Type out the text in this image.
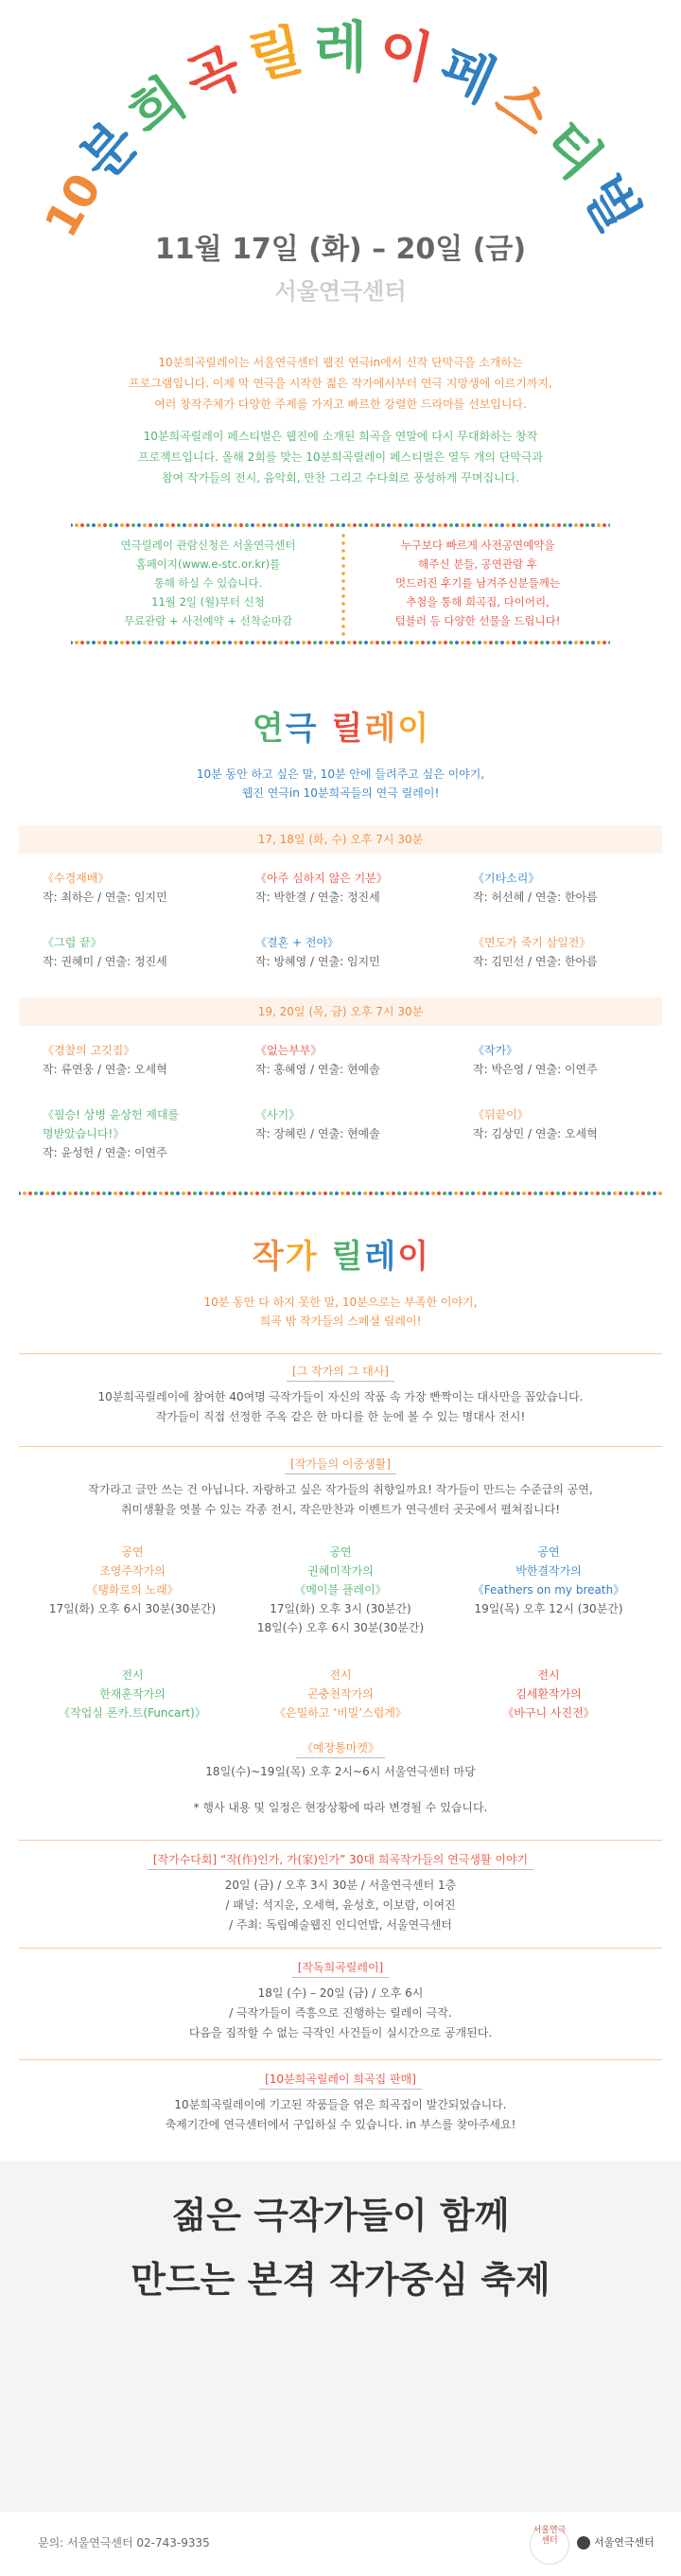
10
분
희
곡
릴 레 이
페
스
티
벌
11월 17일 (화) – 20일 (금)
서울연극센터
10분희곡릴레이는 서울연극센터 웹진 연극in에서 신작 단막극을 소개하는
프로그램입니다. 이제 막 연극을 시작한 젊은 작가에서부터 연극 지망생에 이르기까지,
여러 창작주체가 다양한 주제를 가지고 빠르한 강렬한 드라마를 선보입니다.
10분희곡릴레이 페스티벌은 웹진에 소개된 희곡을 연말에 다시 무대화하는 창작
프로젝트입니다. 올해 2회를 맞는 10분희곡릴레이 페스티벌은 열두 개의 단막극과
참여 작가들의 전시, 음악회, 만찬 그리고 수다회로 풍성하게 꾸며집니다.
연극릴레이 관람신청은 서울연극센터
홈페이지(www.e-stc.or.kr)를
통해 하실 수 있습니다.
11월 2일 (월)부터 신청
무료관람 + 사전예약 + 선착순마감
누구보다 빠르게 사전공연예약을
해주신 분들, 공연관람 후
멋드러진 후기를 남겨주신분들께는
추첨을 통해 희곡집, 다이어리,
텀블러 등 다양한 선물을 드립니다!
연극 릴레이
10분 동안 하고 싶은 말, 10분 안에 들려주고 싶은 이야기,
웹진 연극in 10분희곡들의 연극 릴레이!
17, 18일 (화, 수) 오후 7시 30분
《수경재배》
작: 최하은 / 연출: 임지민
《아주 심하지 않은 기분》
작: 박한결 / 연출: 정진세
《기타소리》
작: 허선혜 / 연출: 한아름
《그럼 끝》
작: 권혜미 / 연출: 정진세
《결혼 + 전야》
작: 방혜영 / 연출: 임지민
《면도가 죽기 삼일전》
작: 김민선 / 연출: 한아름
19, 20일 (목, 금) 오후 7시 30분
《경찰의 고깃집》
작: 류연웅 / 연출: 오세혁
《없는부부》
작: 홍혜영 / 연출: 현예솔
《작가》
작: 박은영 / 연출: 이연주
《필승! 상병 윤상헌 제대를
명받았습니다!》
작: 윤성헌 / 연출: 이연주
《사기》
작: 장혜린 / 연출: 현예솔
《뒤끝이》
작: 김상민 / 연출: 오세혁
작가 릴레이
10분 동안 다 하지 못한 말, 10분으로는 부족한 이야기,
희곡 밖 작가들의 스페셜 릴레이!
[그 작가의 그 대사]
10분희곡릴레이에 참여한 40여명 극작가들이 자신의 작품 속 가장 빤짝이는 대사만을 꼽았습니다.
작가들이 직접 선정한 주옥 같은 한 마디를 한 눈에 볼 수 있는 명대사 전시!
[작가들의 이중생활]
작가라고 글만 쓰는 건 아닙니다. 자랑하고 싶은 작가들의 취향일까요! 작가들이 만드는 수준급의 공연,
취미생활을 엿볼 수 있는 각종 전시, 작은만찬과 이벤트가 연극센터 곳곳에서 펼쳐집니다!
공연
조영주작가의
《탱화로의 노래》
17일(화) 오후 6시 30분(30분간)
공연
권혜미작가의
《메이블 플레이》
17일(화) 오후 3시 (30분간)
18일(수) 오후 6시 30분(30분간)
공연
박한결작가의
《Feathers on my breath》
19일(목) 오후 12시 (30분간)
전시
한재훈작가의
《작업실 폰카.트(Funcart)》
전시
곤충천작가의
《은밀하고 ‘비밀’스럽게》
전시
김세환작가의
《바구니 사진전》
《예장통마켓》
18일(수)~19일(목) 오후 2시~6시 서울연극센터 마당
* 행사 내용 및 일정은 현장상황에 따라 변경될 수 있습니다.
[작가수다회] “작(作)인가, 가(家)인가” 30대 희곡작가들의 연극생활 이야기
20일 (금) / 오후 3시 30분 / 서울연극센터 1층
/ 패널: 석지운, 오세혁, 윤성호, 이보람, 이여진
/ 주최: 독립예술웹진 인디언밥, 서울연극센터
[작독희곡릴레이]
18일 (수) – 20일 (금) / 오후 6시
/ 극작가들이 즉흥으로 진행하는 릴레이 극작.
다음을 짐작할 수 없는 극작인 사건들이 실시간으로 공개된다.
[10분희곡릴레이 희곡집 판매]
10분희곡릴레이에 기고된 작품들을 엮은 희곡집이 발간되었습니다.
축제기간에 연극센터에서 구입하실 수 있습니다. in 부스를 찾아주세요!
젊은 극작가들이 함께
만드는 본격 작가중심 축제
문의: 서울연극센터 02-743-9335
서울연극센터	서울연극센터
